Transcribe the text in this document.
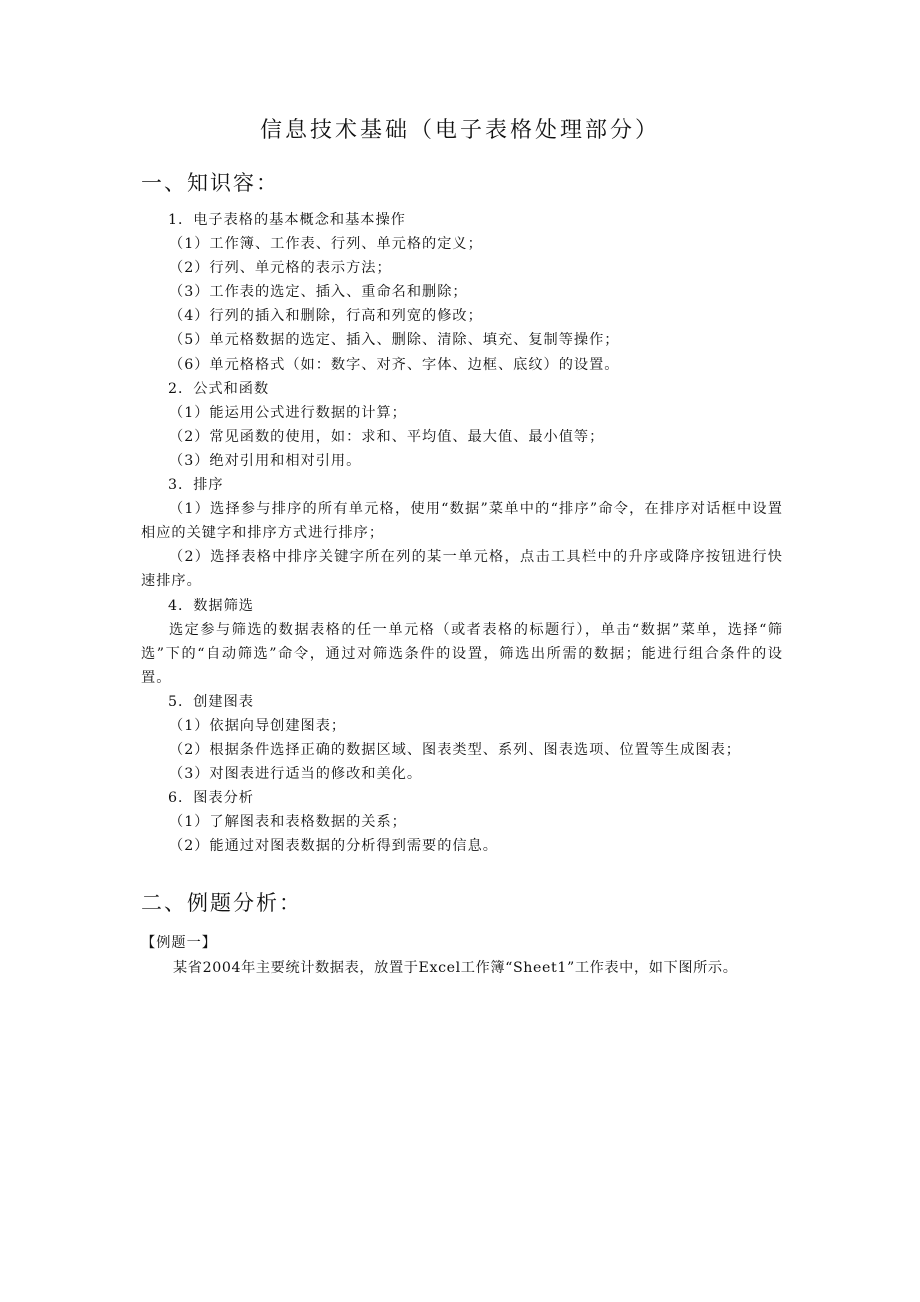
信息技术基础（电子表格处理部分）
一、知识容：
1．电子表格的基本概念和基本操作
（1）工作簿、工作表、行列、单元格的定义；
（2）行列、单元格的表示方法；
（3）工作表的选定、插入、重命名和删除；
（4）行列的插入和删除，行高和列宽的修改；
（5）单元格数据的选定、插入、删除、清除、填充、复制等操作；
（6）单元格格式（如：数字、对齐、字体、边框、底纹）的设置。
2．公式和函数
（1）能运用公式进行数据的计算；
（2）常见函数的使用，如：求和、平均值、最大值、最小值等；
（3）绝对引用和相对引用。
3．排序
（1）选择参与排序的所有单元格，使用“数据”菜单中的“排序”命令，在排序对话框中设置相应的关键字和排序方式进行排序；
（2）选择表格中排序关键字所在列的某一单元格，点击工具栏中的升序或降序按钮进行快速排序。
4．数据筛选
选定参与筛选的数据表格的任一单元格（或者表格的标题行），单击“数据”菜单，选择“筛选”下的“自动筛选”命令，通过对筛选条件的设置，筛选出所需的数据；能进行组合条件的设置。
5．创建图表
（1）依据向导创建图表；
（2）根据条件选择正确的数据区域、图表类型、系列、图表选项、位置等生成图表；
（3）对图表进行适当的修改和美化。
6．图表分析
（1）了解图表和表格数据的关系；
（2）能通过对图表数据的分析得到需要的信息。
二、例题分析：
【例题一】
某省2004年主要统计数据表，放置于Excel工作簿“Sheet1”工作表中，如下图所示。
